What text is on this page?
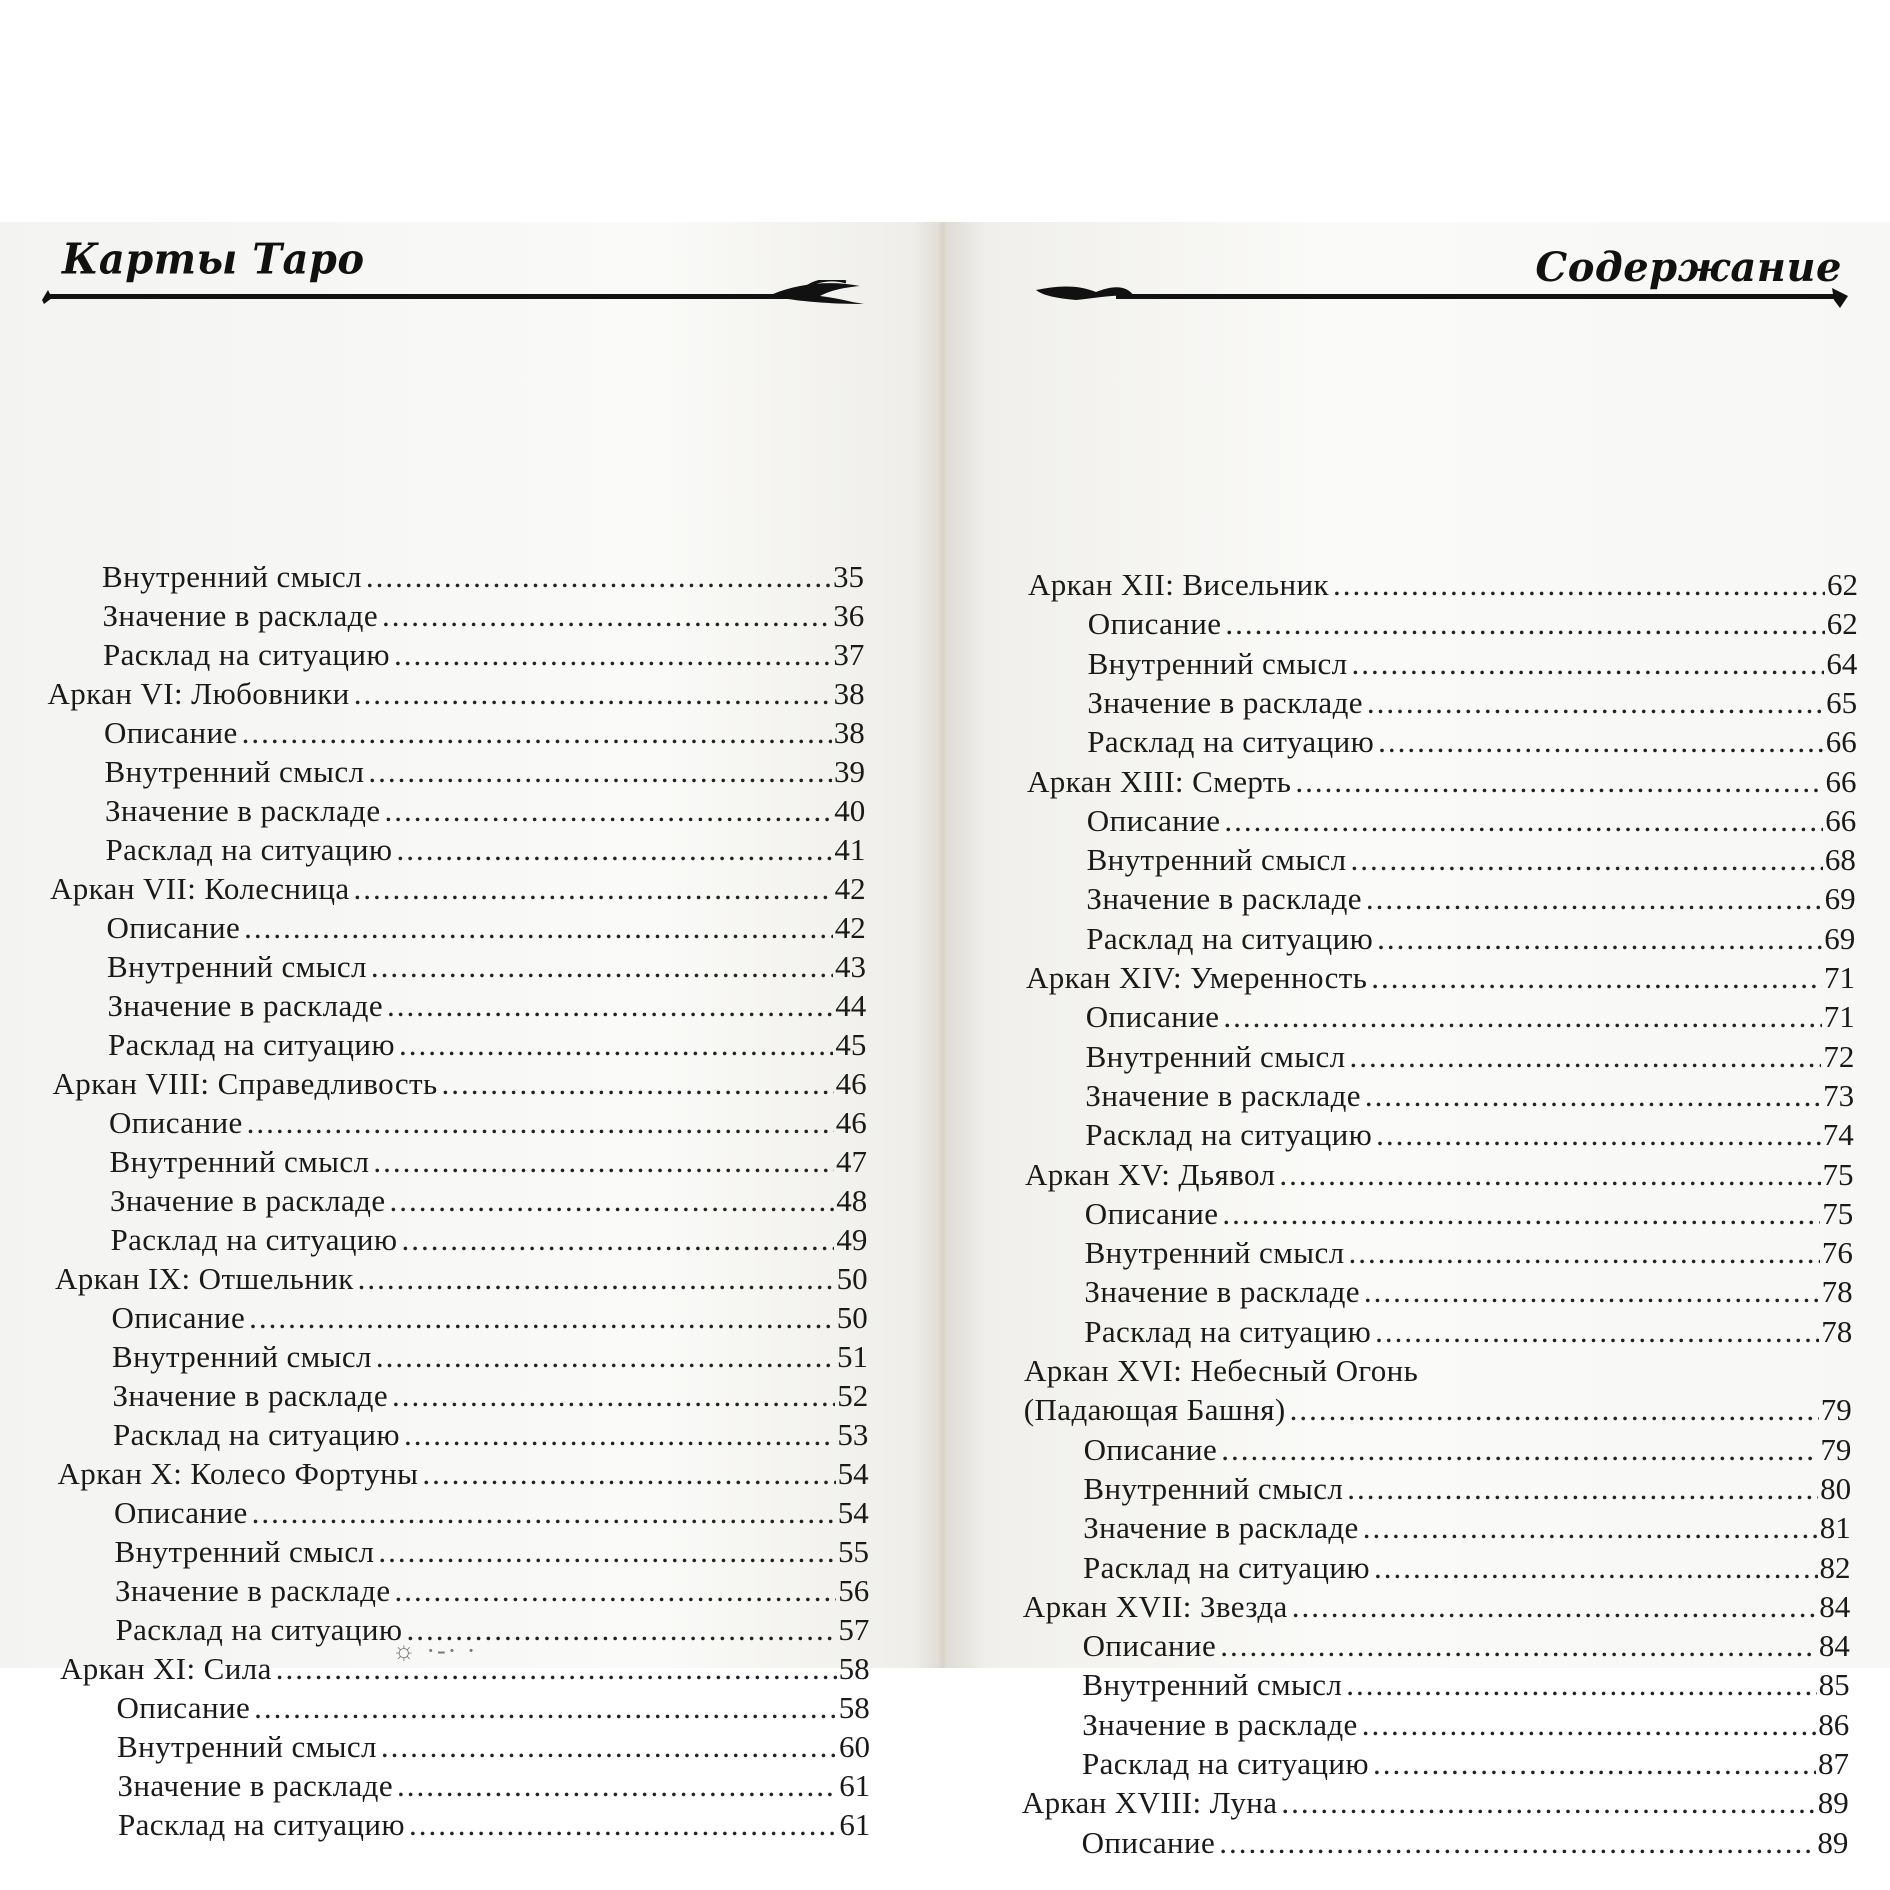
Карты Таро
Внутренний смысл .....	35
Значение в раскладе .....	36
Расклад на ситуацию .....	37
Аркан VI: Любовники .....	38
Описание .....	38
Внутренний смысл .....	39
Значение в раскладе .....	40
Расклад на ситуацию .....	41
Аркан VII: Колесница .....	42
Описание .....	42
Внутренний смысл .....	43
Значение в раскладе .....	44
Расклад на ситуацию .....	45
Аркан VIII: Справедливость .....	46
Описание .....	46
Внутренний смысл .....	47
Значение в раскладе .....	48
Расклад на ситуацию .....	49
Аркан IX: Отшельник .....	50
Описание .....	50
Внутренний смысл .....	51
Значение в раскладе .....	52
Расклад на ситуацию .....	53
Аркан X: Колесо Фортуны .....	54
Описание .....	54
Внутренний смысл .....	55
Значение в раскладе .....	56
Расклад на ситуацию .....	57
Аркан XI: Сила .....	58
Описание .....	58
Внутренний смысл .....	60
Значение в раскладе .....	61
Расклад на ситуацию .....	61
☼ ·-· ·
Содержание
Аркан XII: Висельник .....	62
Описание .....	62
Внутренний смысл .....	64
Значение в раскладе .....	65
Расклад на ситуацию .....	66
Аркан XIII: Смерть .....	66
Описание .....	66
Внутренний смысл .....	68
Значение в раскладе .....	69
Расклад на ситуацию .....	69
Аркан XIV: Умеренность .....	71
Описание .....	71
Внутренний смысл .....	72
Значение в раскладе .....	73
Расклад на ситуацию .....	74
Аркан XV: Дьявол .....	75
Описание .....	75
Внутренний смысл .....	76
Значение в раскладе .....	78
Расклад на ситуацию .....	78
Аркан XVI: Небесный Огонь
(Падающая Башня) .....	79
Описание .....	79
Внутренний смысл .....	80
Значение в раскладе .....	81
Расклад на ситуацию .....	82
Аркан XVII: Звезда .....	84
Описание .....	84
Внутренний смысл .....	85
Значение в раскладе .....	86
Расклад на ситуацию .....	87
Аркан XVIII: Луна .....	89
Описание .....	89
